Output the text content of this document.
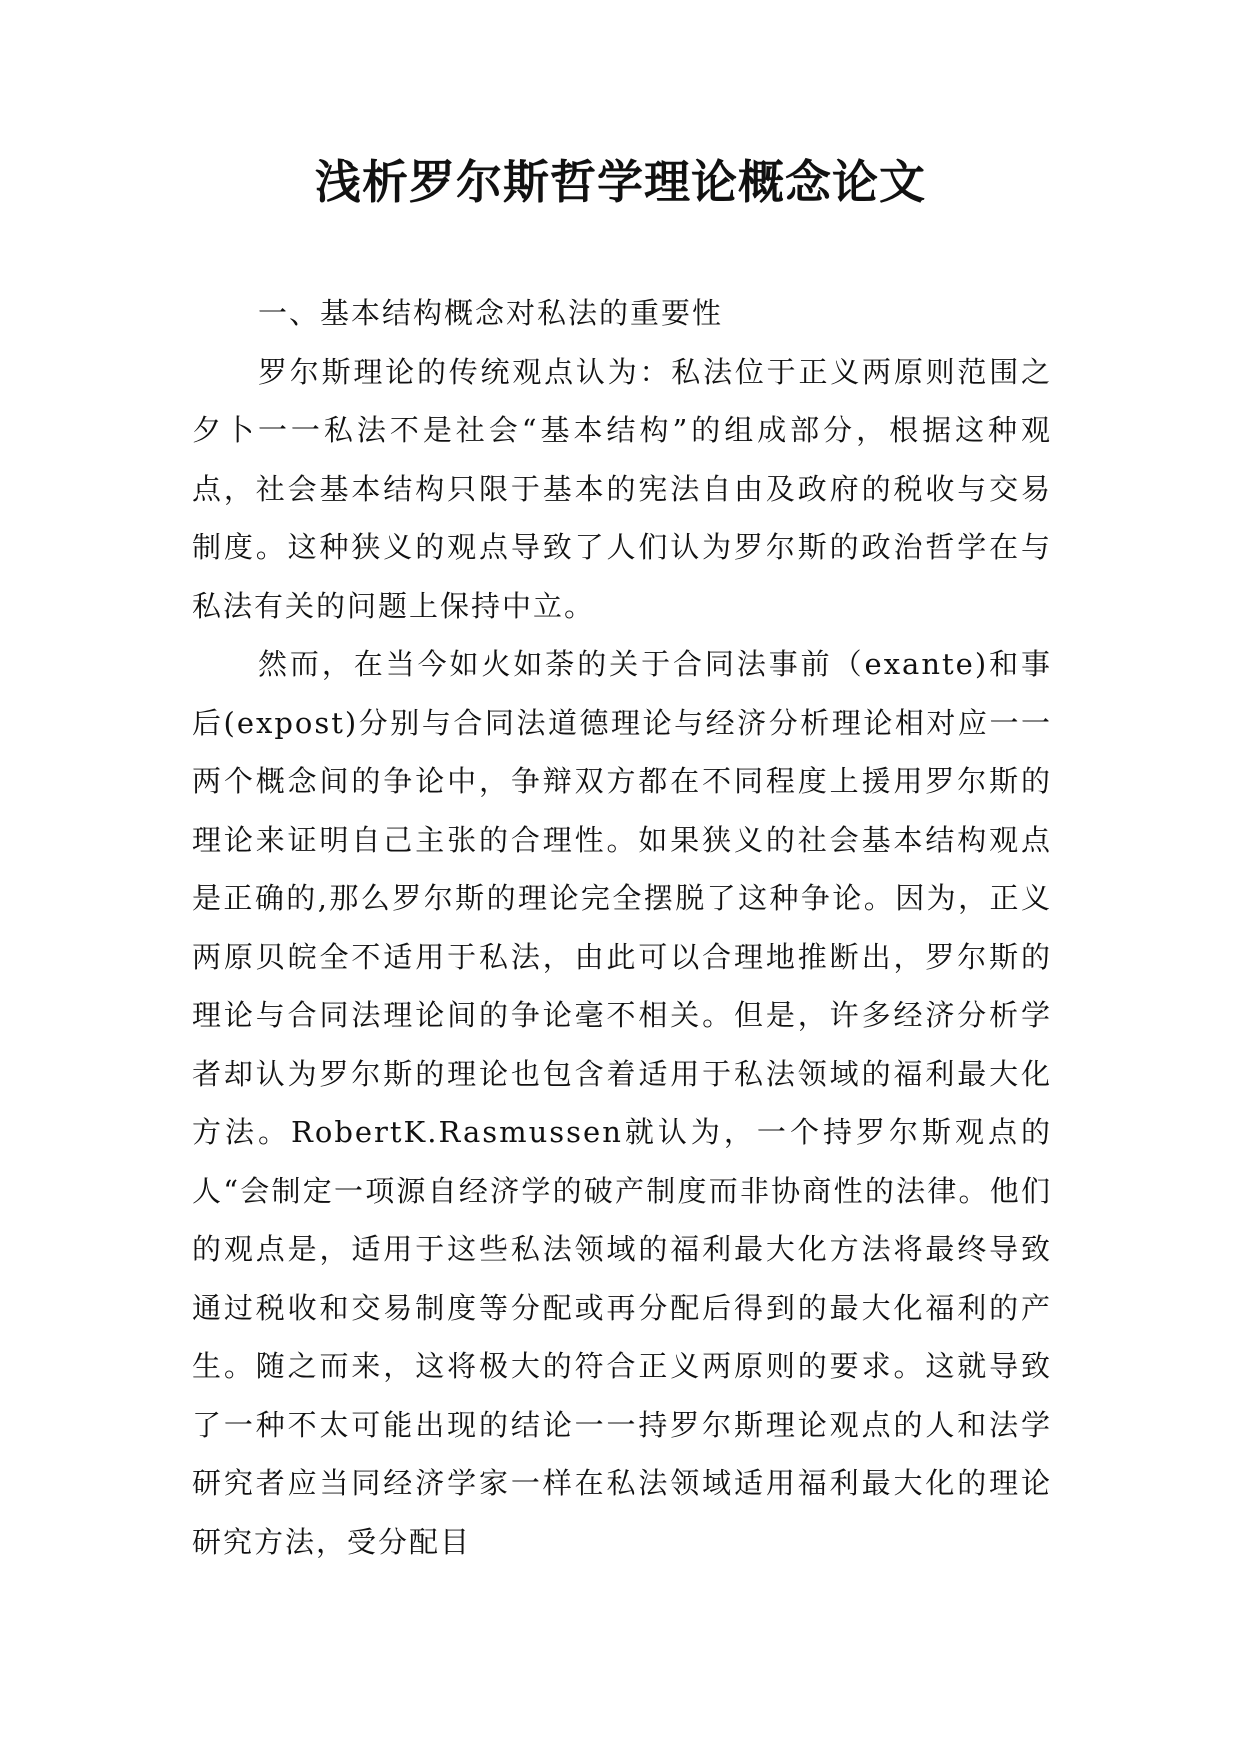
浅析罗尔斯哲学理论概念论文

一、基本结构概念对私法的重要性

罗尔斯理论的传统观点认为：私法位于正义两原则范围之夕卜一一私法不是社会“基本结构”的组成部分，根据这种观点，社会基本结构只限于基本的宪法自由及政府的税收与交易制度。这种狭义的观点导致了人们认为罗尔斯的政治哲学在与私法有关的问题上保持中立。

然而，在当今如火如荼的关于合同法事前（exante)和事后(expost)分别与合同法道德理论与经济分析理论相对应一一两个概念间的争论中，争辩双方都在不同程度上援用罗尔斯的理论来证明自己主张的合理性。如果狭义的社会基本结构观点是正确的,那么罗尔斯的理论完全摆脱了这种争论。因为，正义两原贝皖全不适用于私法，由此可以合理地推断出，罗尔斯的理论与合同法理论间的争论毫不相关。但是，许多经济分析学者却认为罗尔斯的理论也包含着适用于私法领域的福利最大化方法。RobertK.Rasmussen就认为，一个持罗尔斯观点的人“会制定一项源自经济学的破产制度而非协商性的法律。他们的观点是，适用于这些私法领域的福利最大化方法将最终导致通过税收和交易制度等分配或再分配后得到的最大化福利的产生。随之而来，这将极大的符合正义两原则的要求。这就导致了一种不太可能出现的结论一一持罗尔斯理论观点的人和法学研究者应当同经济学家一样在私法领域适用福利最大化的理论研究方法，受分配目
